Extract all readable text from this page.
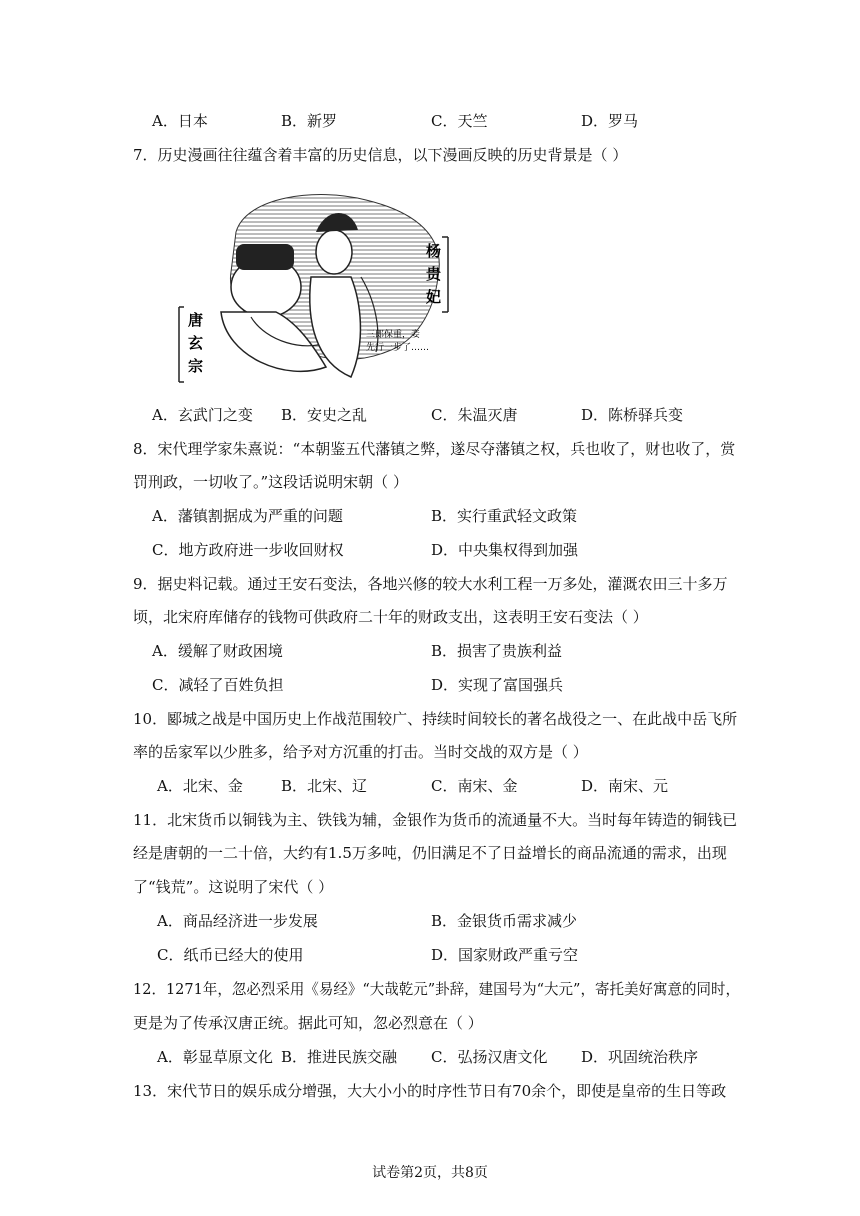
A．日本	B．新罗	C．天竺	D．罗马
7．历史漫画往往蕴含着丰富的历史信息，以下漫画反映的历史背景是（ ）
唐
玄
宗
杨
贵
妃
三郎保重，妾
先行一步了……
A．玄武门之变 B．安史之乱	C．朱温灭唐	D．陈桥驿兵变
8．宋代理学家朱熹说：“本朝鉴五代藩镇之弊，遂尽夺藩镇之权，兵也收了，财也收了，赏
罚刑政，一切收了。”这段话说明宋朝（ ）
A．藩镇割据成为严重的问题	B．实行重武轻文政策
C．地方政府进一步收回财权	D．中央集权得到加强
9．据史料记载。通过王安石变法，各地兴修的较大水利工程一万多处，灌溉农田三十多万
顷，北宋府库储存的钱物可供政府二十年的财政支出，这表明王安石变法（ ）
A．缓解了财政困境	B．损害了贵族利益
C．减轻了百姓负担	D．实现了富国强兵
10．郾城之战是中国历史上作战范围较广、持续时间较长的著名战役之一、在此战中岳飞所
率的岳家军以少胜多，给予对方沉重的打击。当时交战的双方是（ ）
A．北宋、金	B．北宋、辽	C．南宋、金	D．南宋、元
11．北宋货币以铜钱为主、铁钱为辅，金银作为货币的流通量不大。当时每年铸造的铜钱已
经是唐朝的一二十倍，大约有1.5万多吨，仍旧满足不了日益增长的商品流通的需求，出现
了“钱荒”。这说明了宋代（ ）
A．商品经济进一步发展	B．金银货币需求减少
C．纸币已经大的使用	D．国家财政严重亏空
12．1271年，忽必烈采用《易经》“大哉乾元”卦辞，建国号为“大元”，寄托美好寓意的同时，
更是为了传承汉唐正统。据此可知，忽必烈意在（ ）
A．彰显草原文化 B．推进民族交融 C．弘扬汉唐文化 D．巩固统治秩序
13．宋代节日的娱乐成分增强，大大小小的时序性节日有70余个，即使是皇帝的生日等政
试卷第2页，共8页
